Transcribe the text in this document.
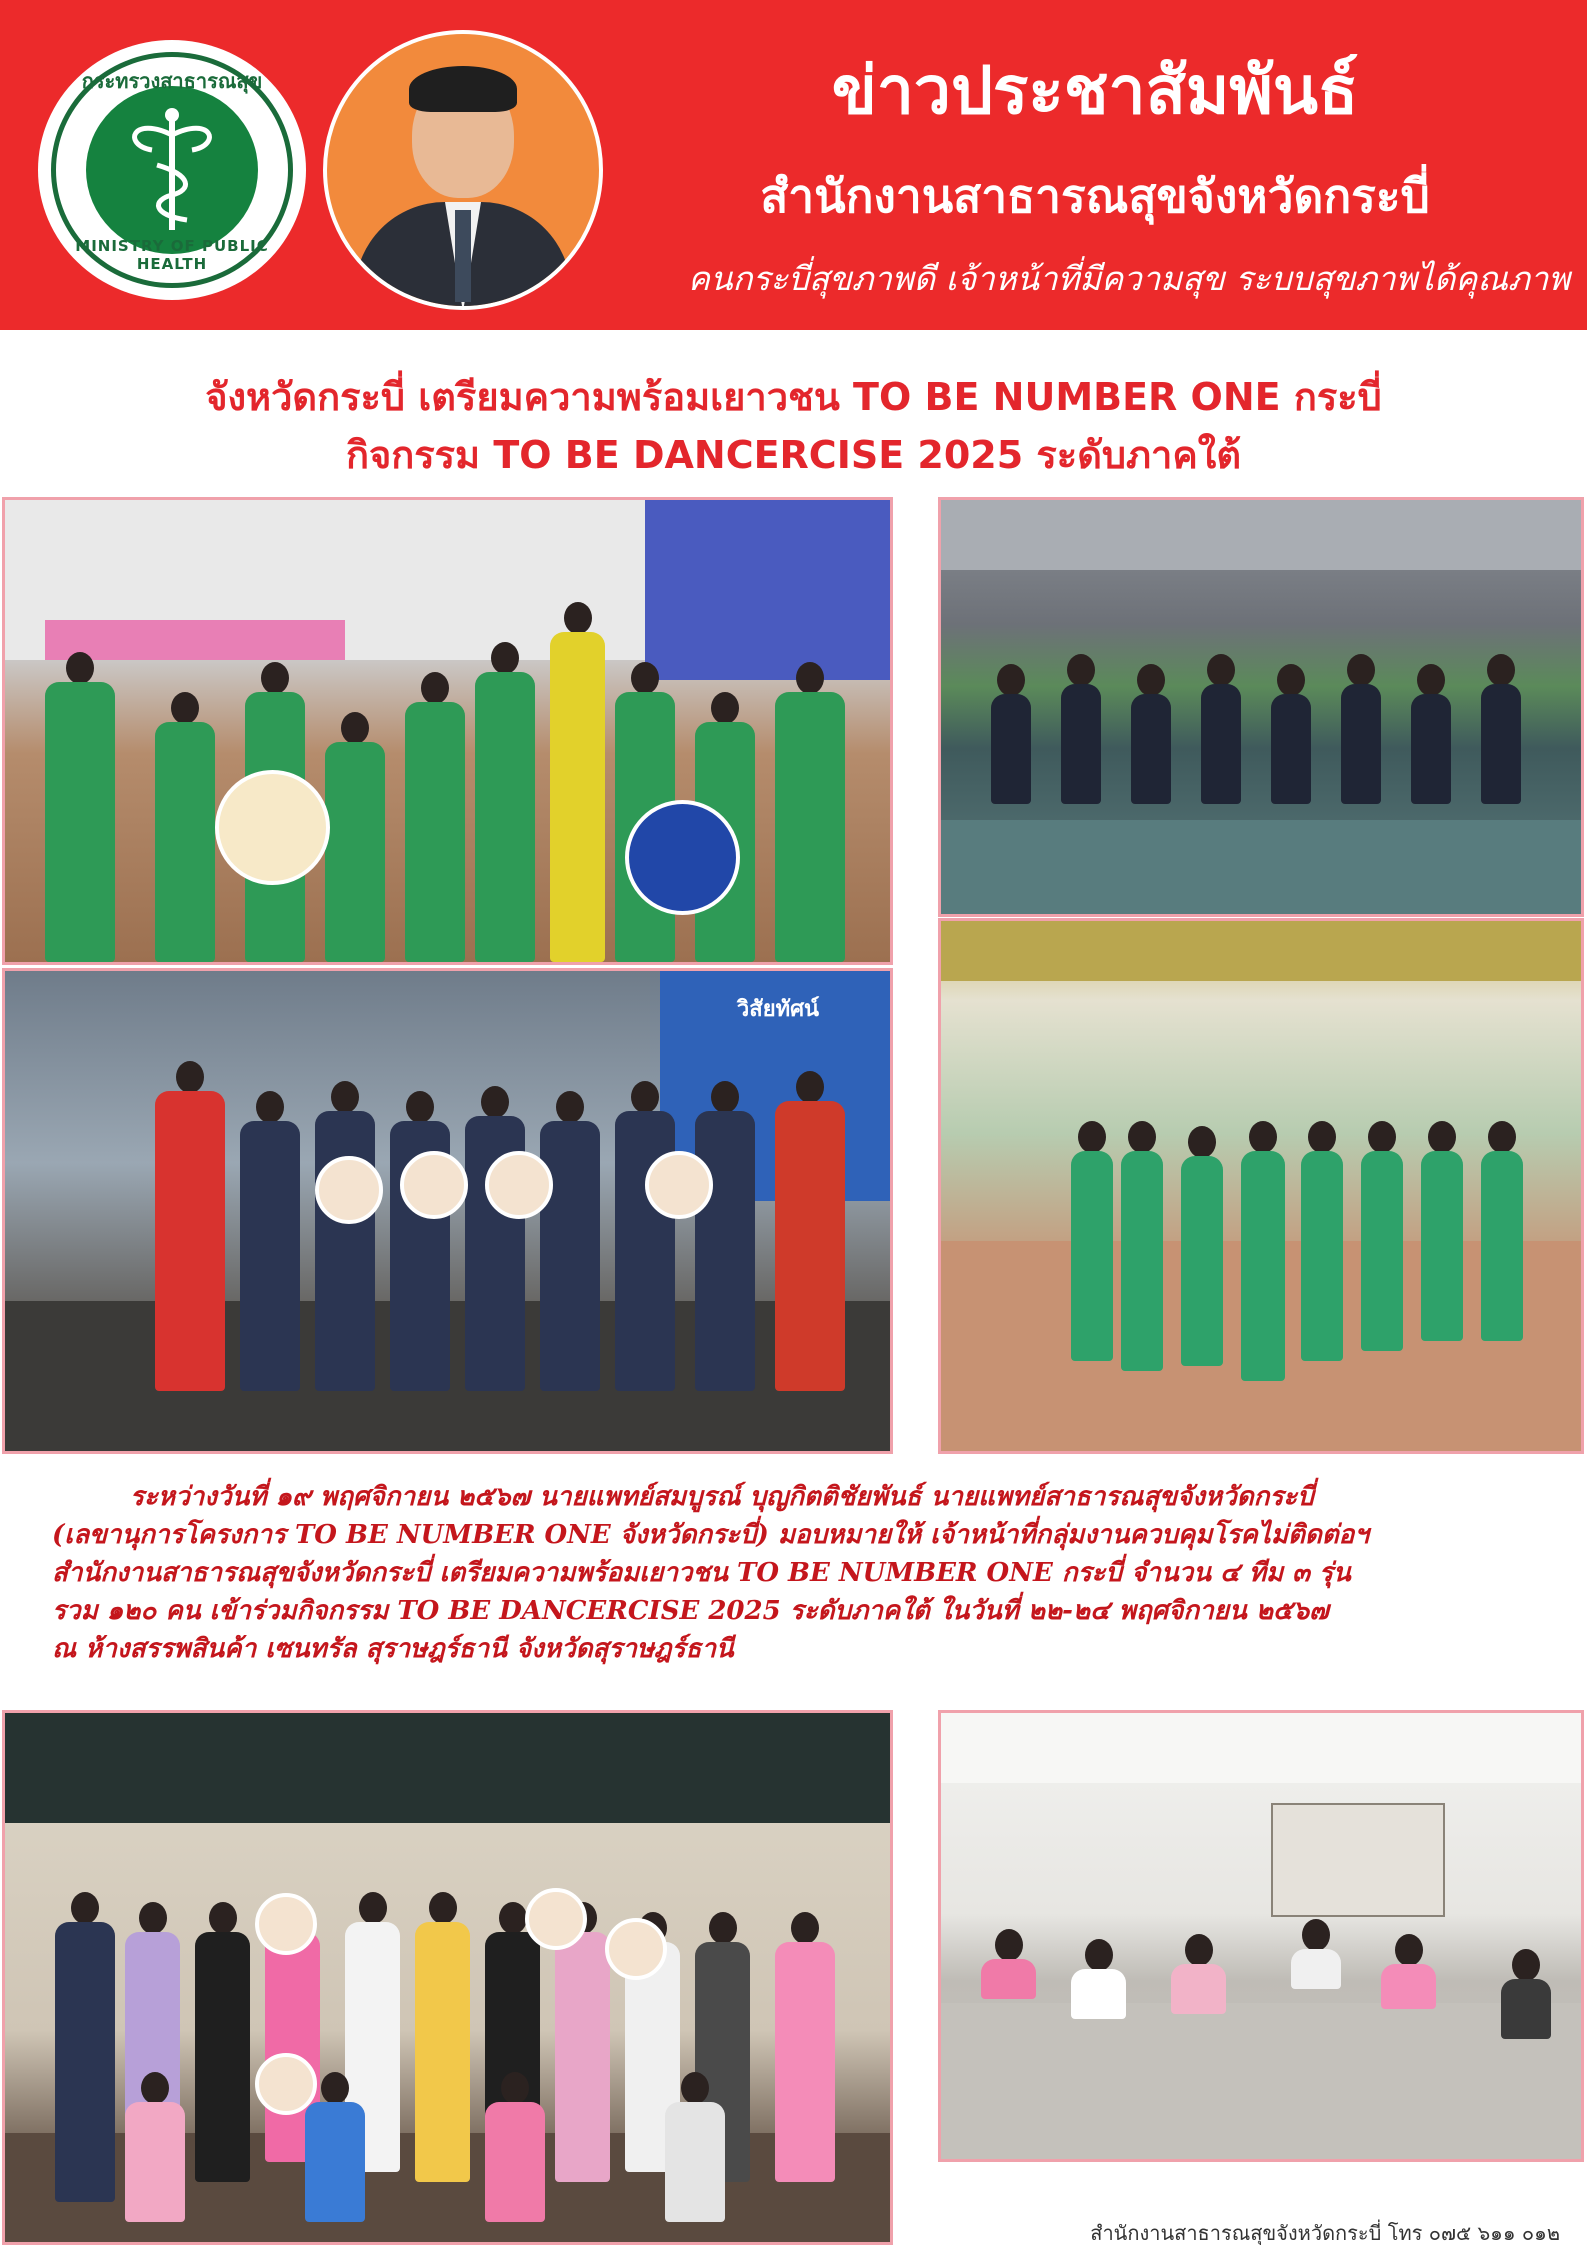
กระทรวงสาธารณสุข
MINISTRY OF PUBLIC HEALTH
ข่าวประชาสัมพันธ์
สำนักงานสาธารณสุขจังหวัดกระบี่
คนกระบี่สุขภาพดี เจ้าหน้าที่มีความสุข ระบบสุขภาพได้คุณภาพ
จังหวัดกระบี่ เตรียมความพร้อมเยาวชน TO BE NUMBER ONE กระบี่
กิจกรรม TO BE DANCERCISE 2025 ระดับภาคใต้
วิสัยทัศน์

ระหว่างวันที่ ๑๙ พฤศจิกายน ๒๕๖๗ นายแพทย์สมบูรณ์ บุญกิตติชัยพันธ์ นายแพทย์สาธารณสุขจังหวัดกระบี่

(เลขานุการโครงการ TO BE NUMBER ONE จังหวัดกระบี่) มอบหมายให้ เจ้าหน้าที่กลุ่มงานควบคุมโรคไม่ติดต่อฯ

สำนักงานสาธารณสุขจังหวัดกระบี่ เตรียมความพร้อมเยาวชน TO BE NUMBER ONE กระบี่ จำนวน ๔ ทีม ๓ รุ่น

รวม ๑๒๐ คน เข้าร่วมกิจกรรม TO BE DANCERCISE 2025 ระดับภาคใต้ ในวันที่ ๒๒-๒๔ พฤศจิกายน ๒๕๖๗

ณ ห้างสรรพสินค้า เซนทรัล สุราษฎร์ธานี จังหวัดสุราษฎร์ธานี

สำนักงานสาธารณสุขจังหวัดกระบี่ โทร ๐๗๕ ๖๑๑ ๐๑๒
